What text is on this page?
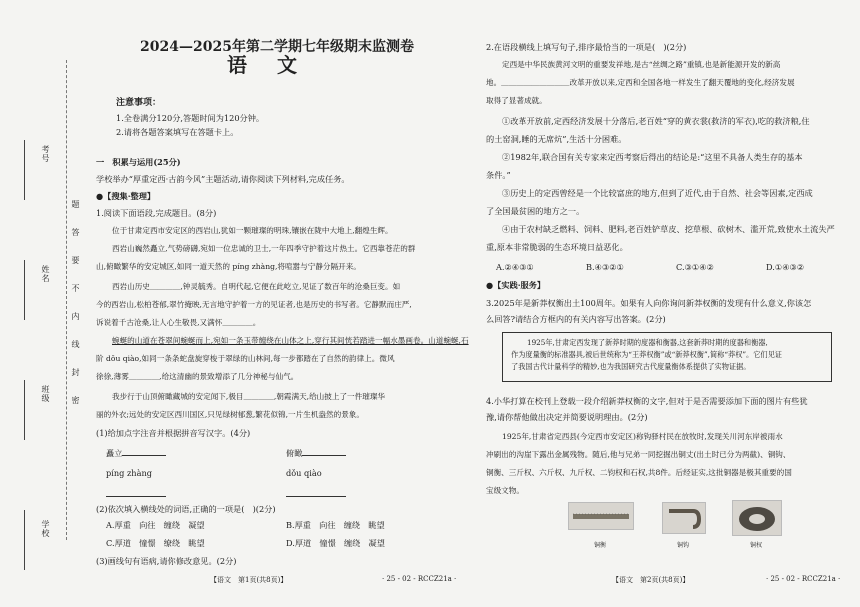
考号
姓名
班级
学校
题
答
要
不
内
线
封
密
2024—2025年第二学期七年级期末监测卷
语文
注意事项：
1.全卷满分120分,答题时间为120分钟。
2.请将各题答案填写在答题卡上。
一　积累与运用(25分)
学校举办“厚重定西·古韵今风”主题活动,请你阅读下列材料,完成任务。
●【搜集·整理】
1.阅读下面语段,完成题目。(8分)
位于甘肃定西市安定区的西岩山,犹如一颗璀璨的明珠,镶嵌在陇中大地上,翻煌生辉。
西岩山巍然矗立,气势磅礴,宛如一位忠诚的卫士,一年四季守护着这片热土。它西靠苍茫的群
山,俯瞰繁华的安定城区,如同一道天然的 píng zhàng,将喧嚣与宁静分隔开来。
西岩山历史＿＿＿＿,钟灵毓秀。自明代起,它便在此屹立,见证了数百年的沧桑巨变。如
今的西岩山,松柏苍郁,翠竹掩映,无言地守护着一方的见证者,也是历史的书写者。它静默而庄严,
诉说着千古沧桑,让人心生敬畏,又满怀＿＿＿＿。
蜿蜒的山道在苍翠间蜿蜒而上,宛如一条玉带缠绕在山体之上,穿行其间恍若踏进一幅水墨画卷。山道蜿蜒,石
阶 dǒu qiào,如同一条条蛇盘旋穿梭于翠绿的山林间,每一步都踏在了自然的韵律上。微风
徐徐,薄雾＿＿＿＿,给这清幽的景致增添了几分神秘与仙气。
我步行于山顶俯瞰藏城的安定闻下,极目＿＿＿＿,朝霞满天,给山披上了一件璀璨华
丽的外衣;远处的安定区西川国区,只见绿树郁葱,繁花似锦,一片生机盎然的景象。
(1)给加点字注音并根据拼音写汉字。(4分)
矗立	俯瞰
píng zhàng	dǒu qiào
(2)依次填入横线处的词语,正确的一项是(　)(2分)
A.厚重　向往　缠绕　凝望	B.厚重　向往　缠绕　眺望
C.厚道　憧憬　缭绕　眺望	D.厚道　憧憬　缠绕　凝望
(3)画线句有语病,请你修改意见。(2分)
【语文　第1页(共8页)】	· 25 - 02 - RCCZ21a ·
2.在语段横线上填写句子,排序最恰当的一项是(　)(2分)
定西是中华民族黄河文明的重要发祥地,是古“丝绸之路”重镇,也是新能源开发的新高
地。＿＿＿＿＿＿＿＿＿改革开放以来,定西和全国各地一样发生了翻天覆地的变化,经济发展
取得了显著成就。
①改革开放前,定西经济发展十分落后,老百姓“穿的黄衣裳(救济的军衣),吃的救济粮,住
的土窑洞,睡的无席炕”,生活十分困难。
②1982年,联合国有关专家来定西考察后得出的结论是:“这里不具备人类生存的基本
条件。”
③历史上的定西曾经是一个比较富庶的地方,但到了近代,由于自然、社会等因素,定西成
了全国最贫困的地方之一。
④由于农村缺乏燃料、饲料、肥料,老百姓铲草皮、挖草根、砍树木、滥开荒,致使水土流失严
重,原本非常脆弱的生态环境日益恶化。
A.②④③①	B.④③②①	C.③①④②	D.①④③②
●【实践·服务】
3.2025年是新莽权衡出土100周年。如果有人向你询问新莽权衡的发现有什么意义,你该怎
么回答?请结合方框内的有关内容写出答案。(2分)
1925年,甘肃定西发现了新莽时期的度器和衡器,这套新莽时期的度器和衡器,
作为度量衡的标准器具,被后世统称为“王莽权衡”或“新莽权衡”,简称“莽权”。它们见证
了我国古代计量科学的精妙,也为我国研究古代度量衡体系提供了实物证据。
4.小华打算在校刊上登载一段介绍新莽权衡的文字,但对于是否需要添加下面的图片有些犹
豫,请你帮他做出决定并简要说明理由。(2分)
1925年,甘肃省定西县(今定西市安定区)称钩驿村民在放牧时,发现关川河东岸被雨水
冲刷出的沟崖下露出金属残物。随后,他与兄弟一同挖掘出铜丈(出土时已分为两截)、铜钩、
铜衡、三斤权、六斤权、九斤权、二钧权和石权,共8件。后经证实,这批铜器是极其重要的国
宝级文物。
铜衡	铜钩	铜权
【语文　第2页(共8页)】	· 25 - 02 - RCCZ21a ·
